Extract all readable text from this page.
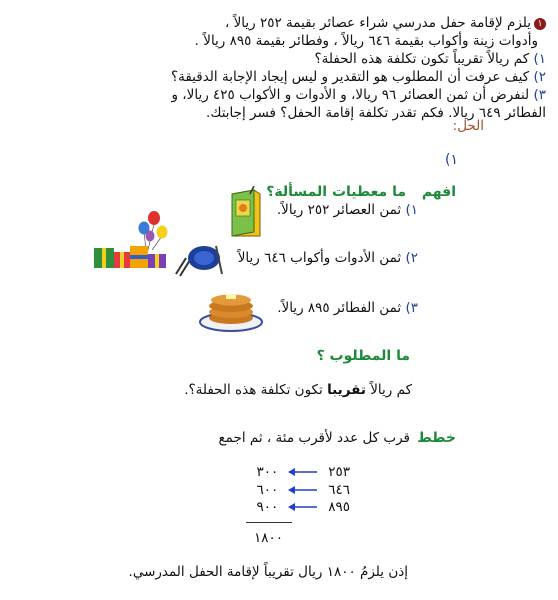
١يلزم لإقامة حفل مدرسي شراء عصائر بقيمة ٢٥٢ ريالاً ،
وأدوات زينة وأكواب بقيمة ٦٤٦ ريالاً ، وفطائر بقيمة ٨٩٥ ريالاً .
١) كم ريالاً تقريباً تكون تكلفة هذه الحفلة؟
٢) كيف عرفت أن المطلوب هو التقدير و ليس إيجاد الإجابة الدقيقة؟
٣) لنفرض أن ثمن العصائر ٩٦ ريالا، و الأدوات و الأكواب ٤٢٥ ريالا، و
الفطائر ٦٤٩ ريالا. فكم تقدر تكلفة إقامة الحفل؟ فسر إجابتك.
الحل:
١)
افهم
ما معطيات المسألة؟
١) ثمن العصائر ٢٥٢ ريالاً.
٢) ثمن الأدوات وأكواب ٦٤٦ ريالاً
٣) ثمن الفطائر ٨٩٥ ريالاً.
ما المطلوب ؟
كم ريالاً تقريبا تكون تكلفة هذه الحفلة؟.
خطط
قرب كل عدد لأقرب مئة ، ثم اجمع
٢٥٣٣٠٠
٦٤٦٦٠٠
٨٩٥٩٠٠
١٨٠٠
إذن يلزمُ ١٨٠٠ ريال تقريباً لإقامة الحفل المدرسي.
